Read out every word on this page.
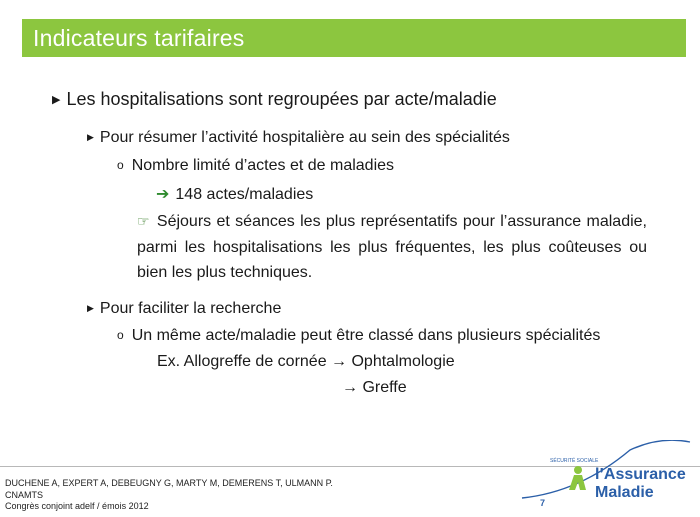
Indicateurs tarifaires
▶ Les hospitalisations sont regroupées par acte/maladie
▶ Pour résumer l’activité hospitalière au sein des spécialités
o Nombre limité d’actes et de maladies
➔ 148 actes/maladies
☞ Séjours et séances les plus représentatifs pour l’assurance maladie, parmi les hospitalisations les plus fréquentes, les plus coûteuses ou bien les plus techniques.
▶ Pour faciliter la recherche
o Un même acte/maladie peut être classé dans plusieurs spécialités
Ex. Allogreffe de cornée → Ophtalmologie
→ Greffe
DUCHENE A, EXPERT A, DEBEUGNY G, MARTY M, DEMERENS T, ULMANN P.
CNAMTS
Congrès conjoint adelf / émois 2012	7
SÉCURITÉ SOCIALE
l’Assurance
Maladie
